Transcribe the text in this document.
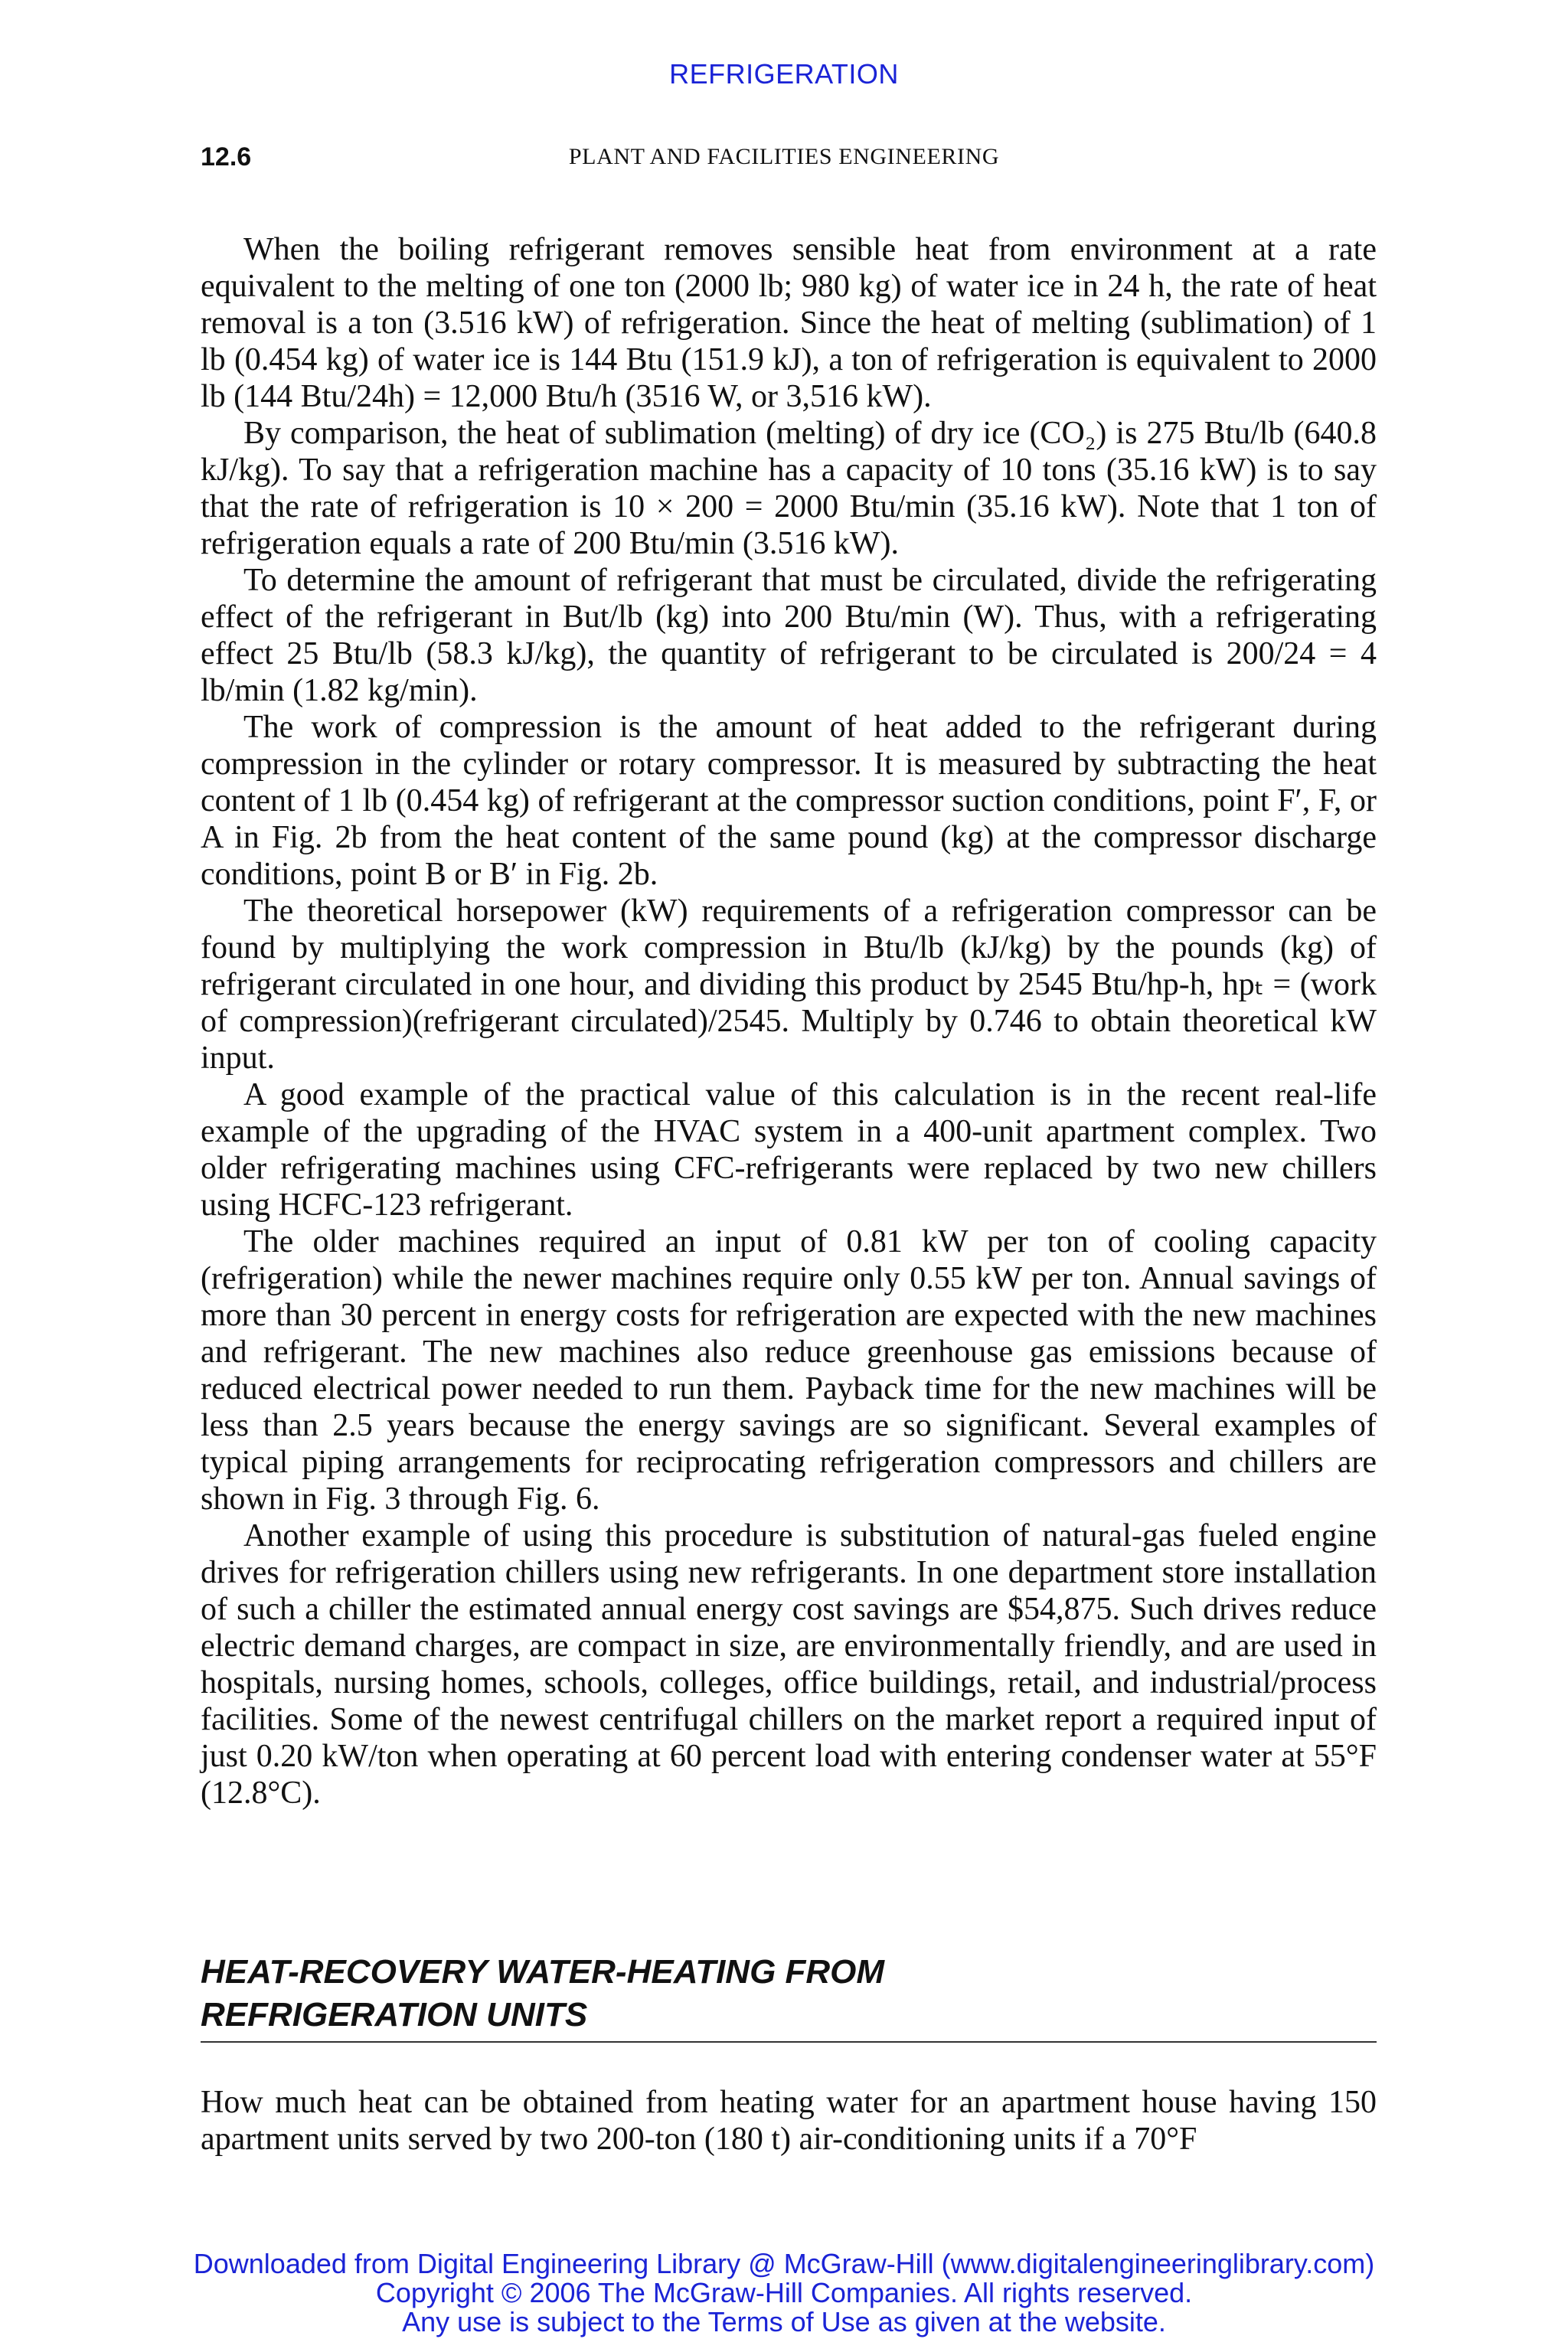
REFRIGERATION
12.6	PLANT AND FACILITIES ENGINEERING

When the boiling refrigerant removes sensible heat from environment at a rate equivalent to the melting of one ton (2000 lb; 980 kg) of water ice in 24 h, the rate of heat removal is a ton (3.516 kW) of refrigeration. Since the heat of melting (sublimation) of 1 lb (0.454 kg) of water ice is 144 Btu (151.9 kJ), a ton of refrigeration is equivalent to 2000 lb (144 Btu/24h) = 12,000 Btu/h (3516 W, or 3,516 kW).

By comparison, the heat of sublimation (melting) of dry ice (CO₂) is 275 Btu/lb (640.8 kJ/kg). To say that a refrigeration machine has a capacity of 10 tons (35.16 kW) is to say that the rate of refrigeration is 10 × 200 = 2000 Btu/min (35.16 kW). Note that 1 ton of refrigeration equals a rate of 200 Btu/min (3.516 kW).

To determine the amount of refrigerant that must be circulated, divide the refrigerating effect of the refrigerant in But/lb (kg) into 200 Btu/min (W). Thus, with a refrigerating effect 25 Btu/lb (58.3 kJ/kg), the quantity of refrigerant to be circulated is 200/24 = 4 lb/min (1.82 kg/min).

The work of compression is the amount of heat added to the refrigerant during compression in the cylinder or rotary compressor. It is measured by subtracting the heat content of 1 lb (0.454 kg) of refrigerant at the compressor suction conditions, point F′, F, or A in Fig. 2b from the heat content of the same pound (kg) at the compressor discharge conditions, point B or B′ in Fig. 2b.

The theoretical horsepower (kW) requirements of a refrigeration compressor can be found by multiplying the work compression in Btu/lb (kJ/kg) by the pounds (kg) of refrigerant circulated in one hour, and dividing this product by 2545 Btu/hp-h, hpₜ = (work of compression)(refrigerant circulated)/2545. Multiply by 0.746 to obtain theoretical kW input.

A good example of the practical value of this calculation is in the recent real-life example of the upgrading of the HVAC system in a 400-unit apartment complex. Two older refrigerating machines using CFC-refrigerants were replaced by two new chillers using HCFC-123 refrigerant.

The older machines required an input of 0.81 kW per ton of cooling capacity (refrigeration) while the newer machines require only 0.55 kW per ton. Annual savings of more than 30 percent in energy costs for refrigeration are expected with the new machines and refrigerant. The new machines also reduce greenhouse gas emissions because of reduced electrical power needed to run them. Payback time for the new machines will be less than 2.5 years because the energy savings are so significant. Several examples of typical piping arrangements for reciprocating refrigeration compressors and chillers are shown in Fig. 3 through Fig. 6.

Another example of using this procedure is substitution of natural-gas fueled engine drives for refrigeration chillers using new refrigerants. In one department store installation of such a chiller the estimated annual energy cost savings are $54,875. Such drives reduce electric demand charges, are compact in size, are environmentally friendly, and are used in hospitals, nursing homes, schools, colleges, office buildings, retail, and industrial/process facilities. Some of the newest centrifugal chillers on the market report a required input of just 0.20 kW/ton when operating at 60 percent load with entering condenser water at 55°F (12.8°C).

HEAT-RECOVERY WATER-HEATING FROM
REFRIGERATION UNITS
How much heat can be obtained from heating water for an apartment house having 150 apartment units served by two 200-ton (180 t) air-conditioning units if a 70°F
Downloaded from Digital Engineering Library @ McGraw-Hill (www.digitalengineeringlibrary.com)
Copyright © 2006 The McGraw-Hill Companies. All rights reserved.
Any use is subject to the Terms of Use as given at the website.
